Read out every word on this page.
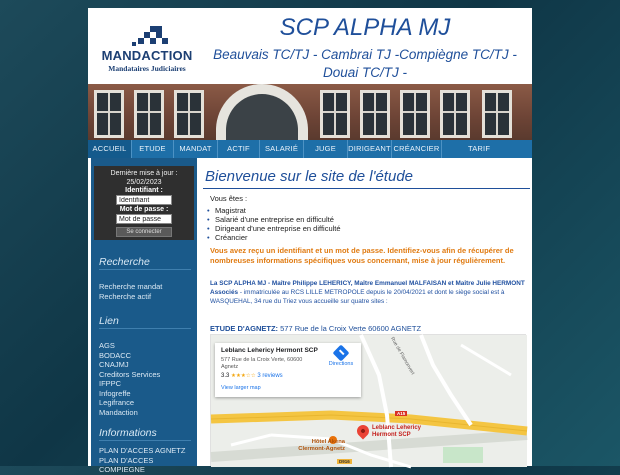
MANDACTION
Mandataires Judiciaires
SCP ALPHA MJ
Beauvais TC/TJ - Cambrai TJ -Compiègne TC/TJ - Douai TC/TJ -
ACCUEIL	ETUDE	MANDAT	ACTIF	SALARIÉ	JUGE	DIRIGEANT CRÉANCIER	TARIF
Dernière mise à jour :
25/02/2023
Identifiant :
Identifiant
Mot de passe :
Mot de passe
Se connecter
Recherche
Recherche mandat
Recherche actif
Lien
AGS
BODACC
CNAJMJ
Creditors Services
IFPPC
Infogreffe
Legifrance
Mandaction
Informations
PLAN D'ACCES AGNETZ
PLAN D'ACCES COMPIEGNE
Bienvenue sur le site de l'étude
Vous êtes :
• Magistrat
• Salarié d'une entreprise en difficulté
• Dirigeant d'une entreprise en difficulté
• Créancier
Vous avez reçu un identifiant et un mot de passe. Identifiez-vous afin de récupérer de nombreuses informations spécifiques vous concernant, mise à jour régulièrement.
La SCP ALPHA MJ - Maître Philippe LEHERICY, Maître Emmanuel MALFAISAN et Maître Julie HERMONT Associés - immatriculée au RCS LILLE METROPOLE depuis le 20/04/2021 et dont le siège social est à WASQUEHAL, 34 rue du Triez vous accueille sur quatre sites :
ETUDE D'AGNETZ: 577 Rue de la Croix Verte 60600 AGNETZ
Rue de Flamonvert
A15
D916
Leblanc Lehericy Hermont SCP
577 Rue de la Croix Verte, 60600 Agnetz
3.3 ★★★☆☆ 3 reviews
View larger map
Directions
Hôtel Akena
Clermont-Agnetz
Leblanc Lehericy
Hermont SCP
